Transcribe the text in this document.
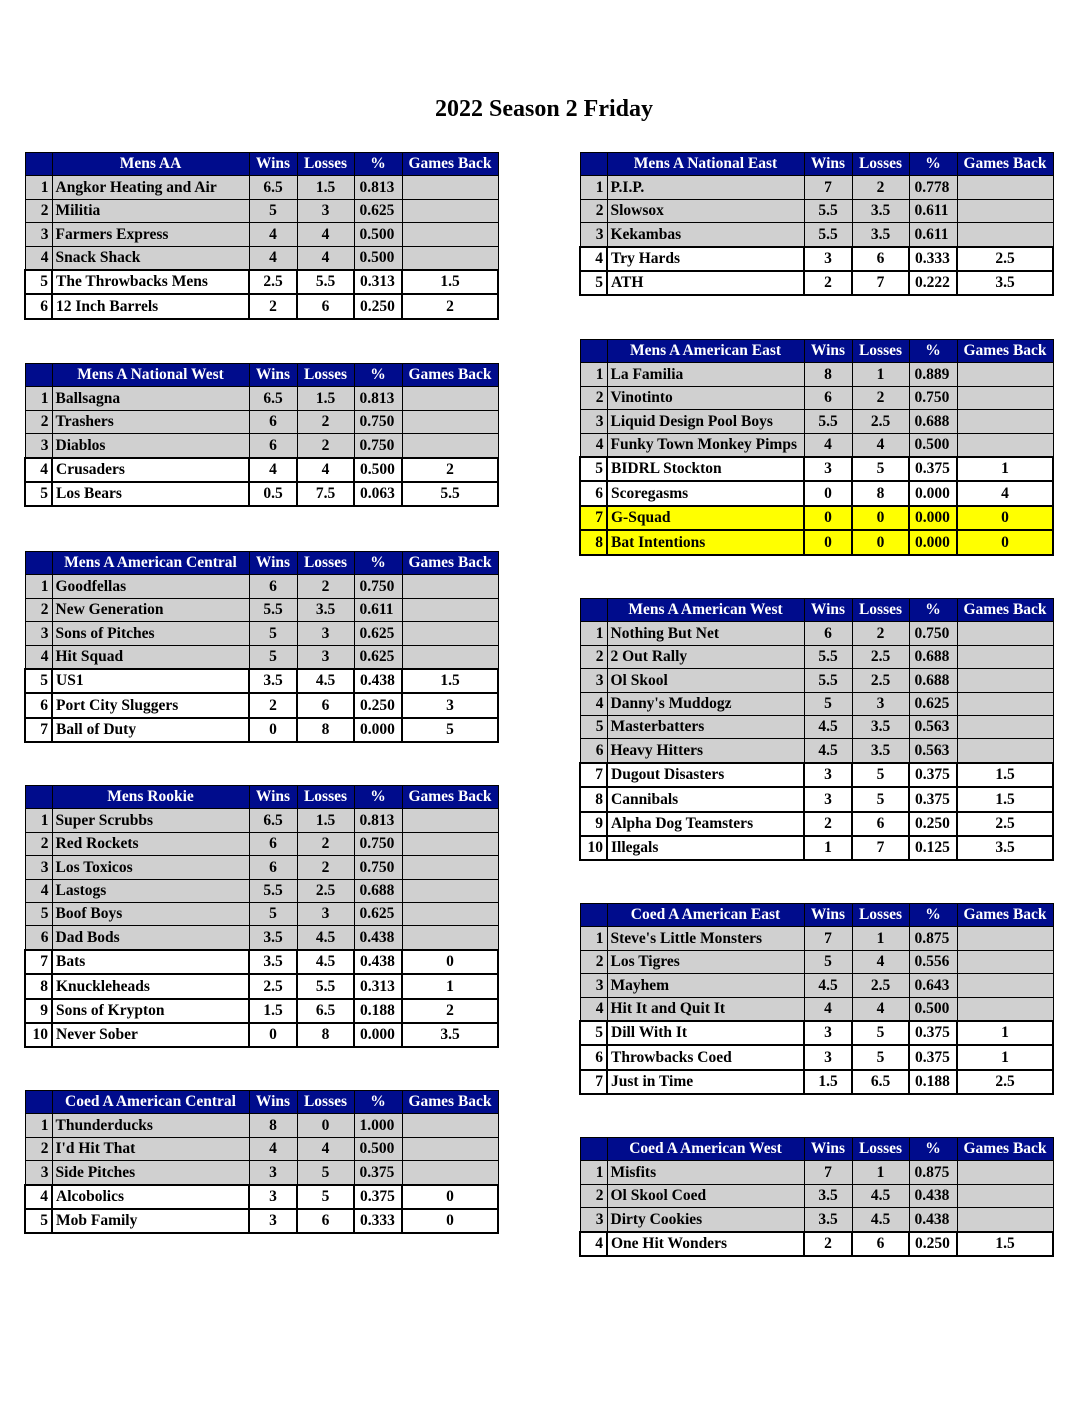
2022 Season 2 Friday
	Mens AA	Wins	Losses	%	Games Back
1	Angkor Heating and Air	6.5	1.5	0.813	
2	Militia	5	3	0.625	
3	Farmers Express	4	4	0.500	
4	Snack Shack	4	4	0.500	
5	The Throwbacks Mens	2.5	5.5	0.313	1.5
6	12 Inch Barrels	2	6	0.250	2
	Mens A National West	Wins	Losses	%	Games Back
1	Ballsagna	6.5	1.5	0.813	
2	Trashers	6	2	0.750	
3	Diablos	6	2	0.750	
4	Crusaders	4	4	0.500	2
5	Los Bears	0.5	7.5	0.063	5.5
	Mens A American Central	Wins	Losses	%	Games Back
1	Goodfellas	6	2	0.750	
2	New Generation	5.5	3.5	0.611	
3	Sons of Pitches	5	3	0.625	
4	Hit Squad	5	3	0.625	
5	US1	3.5	4.5	0.438	1.5
6	Port City Sluggers	2	6	0.250	3
7	Ball of Duty	0	8	0.000	5
	Mens Rookie	Wins	Losses	%	Games Back
1	Super Scrubbs	6.5	1.5	0.813	
2	Red Rockets	6	2	0.750	
3	Los Toxicos	6	2	0.750	
4	Lastogs	5.5	2.5	0.688	
5	Boof Boys	5	3	0.625	
6	Dad Bods	3.5	4.5	0.438	
7	Bats	3.5	4.5	0.438	0
8	Knuckleheads	2.5	5.5	0.313	1
9	Sons of Krypton	1.5	6.5	0.188	2
10	Never Sober	0	8	0.000	3.5
	Coed A American Central	Wins	Losses	%	Games Back
1	Thunderducks	8	0	1.000	
2	I'd Hit That	4	4	0.500	
3	Side Pitches	3	5	0.375	
4	Alcobolics	3	5	0.375	0
5	Mob Family	3	6	0.333	0
	Mens A National East	Wins	Losses	%	Games Back
1	P.I.P.	7	2	0.778	
2	Slowsox	5.5	3.5	0.611	
3	Kekambas	5.5	3.5	0.611	
4	Try Hards	3	6	0.333	2.5
5	ATH	2	7	0.222	3.5
	Mens A American East	Wins	Losses	%	Games Back
1	La Familia	8	1	0.889	
2	Vinotinto	6	2	0.750	
3	Liquid Design Pool Boys	5.5	2.5	0.688	
4	Funky Town Monkey Pimps	4	4	0.500	
5	BIDRL Stockton	3	5	0.375	1
6	Scoregasms	0	8	0.000	4
7	G-Squad	0	0	0.000	0
8	Bat Intentions	0	0	0.000	0
	Mens A American West	Wins	Losses	%	Games Back
1	Nothing But Net	6	2	0.750	
2	2 Out Rally	5.5	2.5	0.688	
3	Ol Skool	5.5	2.5	0.688	
4	Danny's Muddogz	5	3	0.625	
5	Masterbatters	4.5	3.5	0.563	
6	Heavy Hitters	4.5	3.5	0.563	
7	Dugout Disasters	3	5	0.375	1.5
8	Cannibals	3	5	0.375	1.5
9	Alpha Dog Teamsters	2	6	0.250	2.5
10	Illegals	1	7	0.125	3.5
	Coed A American East	Wins	Losses	%	Games Back
1	Steve's Little Monsters	7	1	0.875	
2	Los Tigres	5	4	0.556	
3	Mayhem	4.5	2.5	0.643	
4	Hit It and Quit It	4	4	0.500	
5	Dill With It	3	5	0.375	1
6	Throwbacks Coed	3	5	0.375	1
7	Just in Time	1.5	6.5	0.188	2.5
	Coed A American West	Wins	Losses	%	Games Back
1	Misfits	7	1	0.875	
2	Ol Skool Coed	3.5	4.5	0.438	
3	Dirty Cookies	3.5	4.5	0.438	
4	One Hit Wonders	2	6	0.250	1.5
